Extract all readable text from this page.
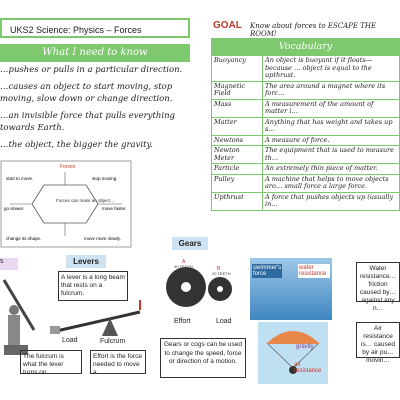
UKS2 Science: Physics – Forces
What I need to know

…pushes or pulls in a particular direction.

…causes an object to start moving, stop moving, slow down or change direction.

…an invisible force that pulls everything towards Earth.

…the object, the bigger the gravity.

Forces
Forces can make an object…
start to move.	stop moving.
go slower.	move faster.
change its shape.	move more slowly.
s	Levers
A lever is a long beam that rests on a fulcrum.
Load	Fulcrum
The fulcrum is what the lever turns on.
Effort is the force needed to move a
Gears
A
40 TEETH	B
20 TEETH
Effort	Load
Gears or cogs can be used to change the speed, force or direction of a motion.
swimmer's force
water resistance
gravity
air resistance
Water resistance… friction caused by… against any n…
Air resistance is… caused by air pu… movin…
GOAL Know about forces to ESCAPE THE ROOM!
Vocabulary
Buoyancy	An object is buoyant if it floats—because … object is equal to the upthrust.
Magnetic Field	The area around a magnet where its forc…
Mass	A measurement of the amount of matter i…
Matter	Anything that has weight and takes up s…
Newtons	A measure of force.
Newton Meter	The equipment that is used to measure th…
Particle	An extremely thin piece of matter.
Pulley	A machine that helps to move objects aro… small force a large force.
Upthrust	A force that pushes objects up (usually in…
